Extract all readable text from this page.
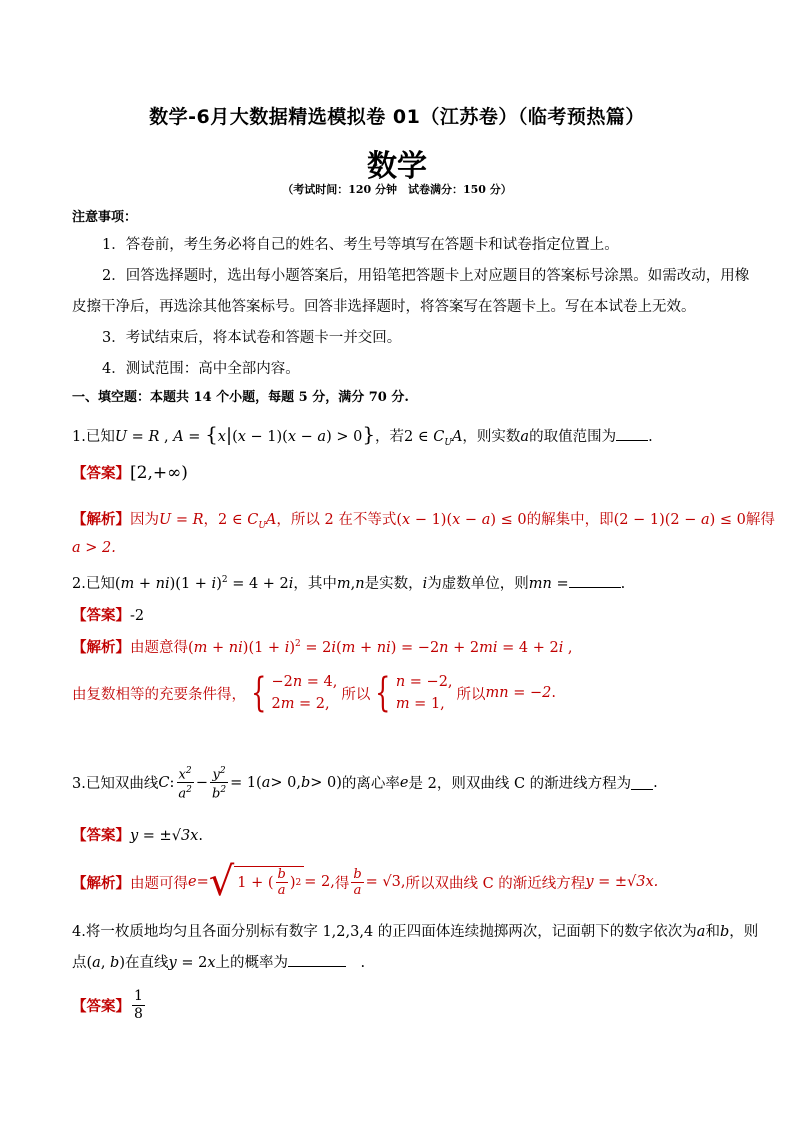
数学-6月大数据精选模拟卷 01（江苏卷）（临考预热篇）
数学
（考试时间：120 分钟　试卷满分：150 分）
注意事项：
1．答卷前，考生务必将自己的姓名、考生号等填写在答题卡和试卷指定位置上。
2．回答选择题时，选出每小题答案后，用铅笔把答题卡上对应题目的答案标号涂黑。如需改动，用橡
皮擦干净后，再选涂其他答案标号。回答非选择题时，将答案写在答题卡上。写在本试卷上无效。
3．考试结束后，将本试卷和答题卡一并交回。
4．测试范围：高中全部内容。
一、填空题：本题共 14 个小题，每题 5 分，满分 70 分.
1.已知U = R , A = {x|(x − 1)(x − a) > 0}，若2 ∈ $C_UA$，则实数a的取值范围为 .
【答案】[2,+∞)
【解析】因为U = R，2 ∈ $C_UA$，所以 2 在不等式(x − 1)(x − a) ≤ 0的解集中，即(2 − 1)(2 − a) ≤ 0解得
a > 2.
2.已知$(m + ni)(1 + i)^2 = 4 + 2i$，其中m,n是实数，i为虚数单位，则mn =	.
【答案】-2
【解析】由题意得$(m + ni)(1 + i)^2 = 2i(m + ni) = -2n + 2mi = 4 + 2i$ ,
由复数相等的充要条件得， { −2n = 4,
2m = 2,
所以 { n = −2,
m = 1,
所以 mn = −2 .
3.已知双曲线 C : $\frac{x^2}{a^2} - \frac{y^2}{b^2} = 1$( a > 0, b > 0) 的离心率 e 是 2，则双曲线 C 的渐进线方程为 .
【答案】y = ±√3x.
【解析】 由题可得 e = √ 1 + ( $\frac{b}{a}$ ) 2 = 2, 得 $\frac{b}{a} = √3$, 所以双曲线 C 的渐近线方程 y = ±√3x.
4.将一枚质地均匀且各面分别标有数字 1,2,3,4 的正四面体连续抛掷两次，记面朝下的数字依次为a和b，则
点(a, b)在直线y = 2x上的概率为	　.
【答案】 $\frac{1}{8}$
